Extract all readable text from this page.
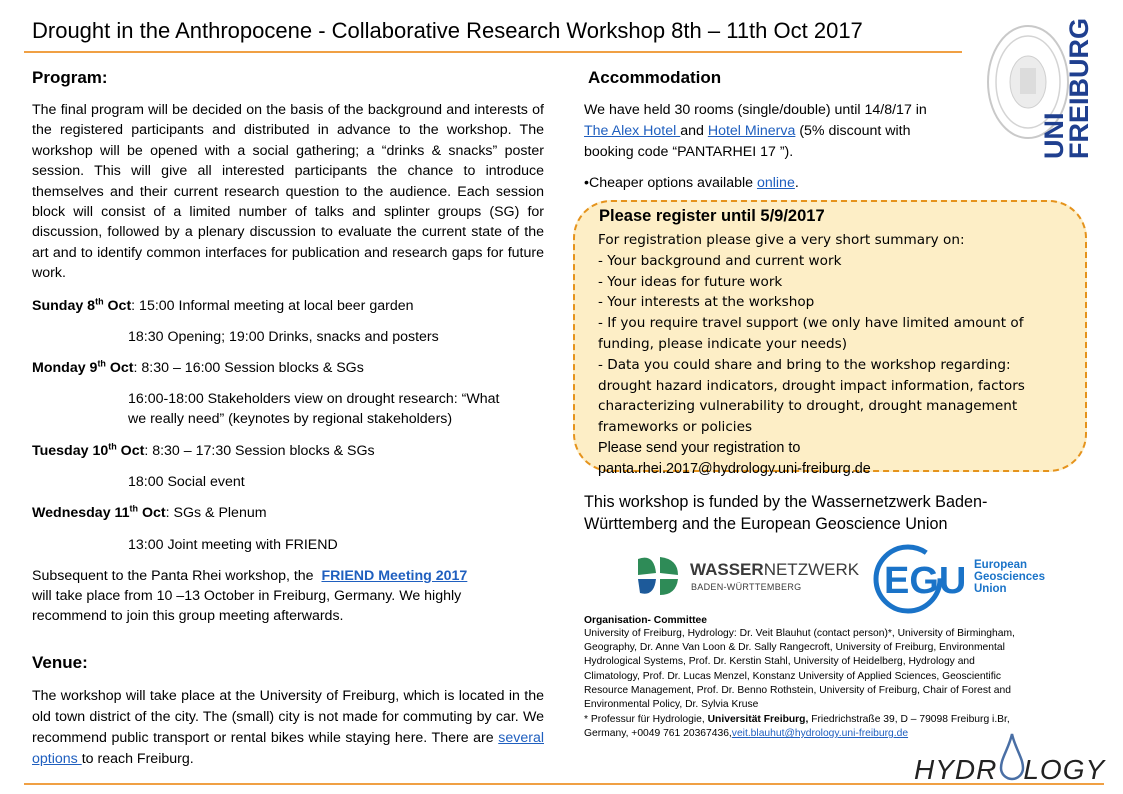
Drought in the Anthropocene - Collaborative Research Workshop 8th – 11th Oct 2017
UNI
FREIBURG
Program:
The final program will be decided on the basis of the background and interests of the registered participants and distributed in advance to the workshop. The workshop will be opened with a social gathering; a “drinks & snacks” poster session. This will give all interested participants the chance to introduce themselves and their current research question to the audience. Each session block will consist of a limited number of talks and splinter groups (SG) for discussion, followed by a plenary discussion to evaluate the current state of the art and to identify common interfaces for publication and research gaps for future work.
Sunday 8th Oct: 15:00 Informal meeting at local beer garden
18:30 Opening; 19:00 Drinks, snacks and posters
Monday 9th Oct: 8:30 – 16:00 Session blocks & SGs
16:00-18:00 Stakeholders view on drought research: “What
we really need” (keynotes by regional stakeholders)
Tuesday 10th Oct: 8:30 – 17:30 Session blocks & SGs
18:00 Social event
Wednesday 11th Oct: SGs & Plenum
13:00 Joint meeting with FRIEND
Subsequent to the Panta Rhei workshop, the FRIEND Meeting 2017
will take place from 10 –13 October in Freiburg, Germany. We highly
recommend to join this group meeting afterwards.
Venue:
The workshop will take place at the University of Freiburg, which is located in the old town district of the city. The (small) city is not made for commuting by car. We recommend public transport or rental bikes while staying here. There are several options to reach Freiburg.
Accommodation
We have held 30 rooms (single/double) until 14/8/17 in
The Alex Hotel and Hotel Minerva (5% discount with
booking code “PANTARHEI 17 ”).
•Cheaper options available online.
Please register until 5/9/2017
For registration please give a very short summary on:
- Your background and current work
- Your ideas for future work
- Your interests at the workshop
- If you require travel support (we only have limited amount of
funding, please indicate your needs)
- Data you could share and bring to the workshop regarding:
drought hazard indicators, drought impact information, factors
characterizing vulnerability to drought, drought management
frameworks or policies
Please send your registration to
panta.rhei.2017@hydrology.uni-freiburg.de
This workshop is funded by the Wassernetzwerk Baden-
Württemberg and the European Geoscience Union
WASSERNETZWERK
BADEN-WÜRTTEMBERG EGU European
Geosciences
Union
Organisation- Committee
University of Freiburg, Hydrology: Dr. Veit Blauhut (contact person)*, University of Birmingham,
Geography, Dr. Anne Van Loon & Dr. Sally Rangecroft, University of Freiburg, Environmental
Hydrological Systems, Prof. Dr. Kerstin Stahl, University of Heidelberg, Hydrology and
Climatology, Prof. Dr. Lucas Menzel, Konstanz University of Applied Sciences, Geoscientific
Resource Management, Prof. Dr. Benno Rothstein, University of Freiburg, Chair of Forest and
Environmental Policy, Dr. Sylvia Kruse
* Professur für Hydrologie, Universität Freiburg, Friedrichstraße 39, D – 79098 Freiburg i.Br,
Germany, +0049 761 20367436,veit.blauhut@hydrology.uni-freiburg.de
HYDR LOGY
